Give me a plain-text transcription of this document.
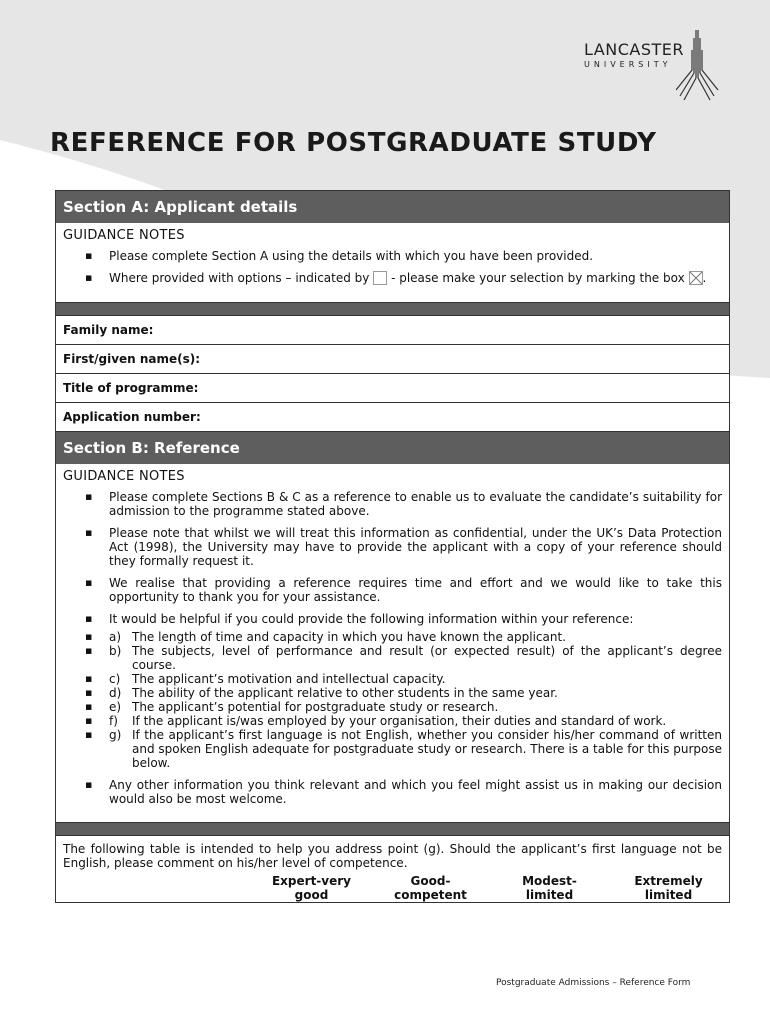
LANCASTER
UNIVERSITY
REFERENCE FOR POSTGRADUATE STUDY
Section A: Applicant details
GUIDANCE NOTES
▪ Please complete Section A using the details with which you have been provided.
▪ Where provided with options – indicated by - please make your selection by marking the box .
Family name:
First/given name(s):
Title of programme:
Application number:
Section B: Reference
GUIDANCE NOTES
▪ Please complete Sections B & C as a reference to enable us to evaluate the candidate’s suitability for admission to the programme stated above.
▪ Please note that whilst we will treat this information as confidential, under the UK’s Data Protection Act (1998), the University may have to provide the applicant with a copy of your reference should they formally request it.
▪ We realise that providing a reference requires time and effort and we would like to take this opportunity to thank you for your assistance.
▪ It would be helpful if you could provide the following information within your reference:
▪ a) The length of time and capacity in which you have known the applicant.
▪ b) The subjects, level of performance and result (or expected result) of the applicant’s degree course.
▪ c) The applicant’s motivation and intellectual capacity.
▪ d) The ability of the applicant relative to other students in the same year.
▪ e) The applicant’s potential for postgraduate study or research.
▪ f)	If the applicant is/was employed by your organisation, their duties and standard of work.
▪ g) If the applicant’s first language is not English, whether you consider his/her command of written and spoken English adequate for postgraduate study or research. There is a table for this purpose below.
▪ Any other information you think relevant and which you feel might assist us in making our decision would also be most welcome.
The following table is intended to help you address point (g). Should the applicant’s first language not be English, please comment on his/her level of competence.
Expert-very
good
Good-
competent
Modest-
limited
Extremely
limited
Postgraduate Admissions – Reference Form
